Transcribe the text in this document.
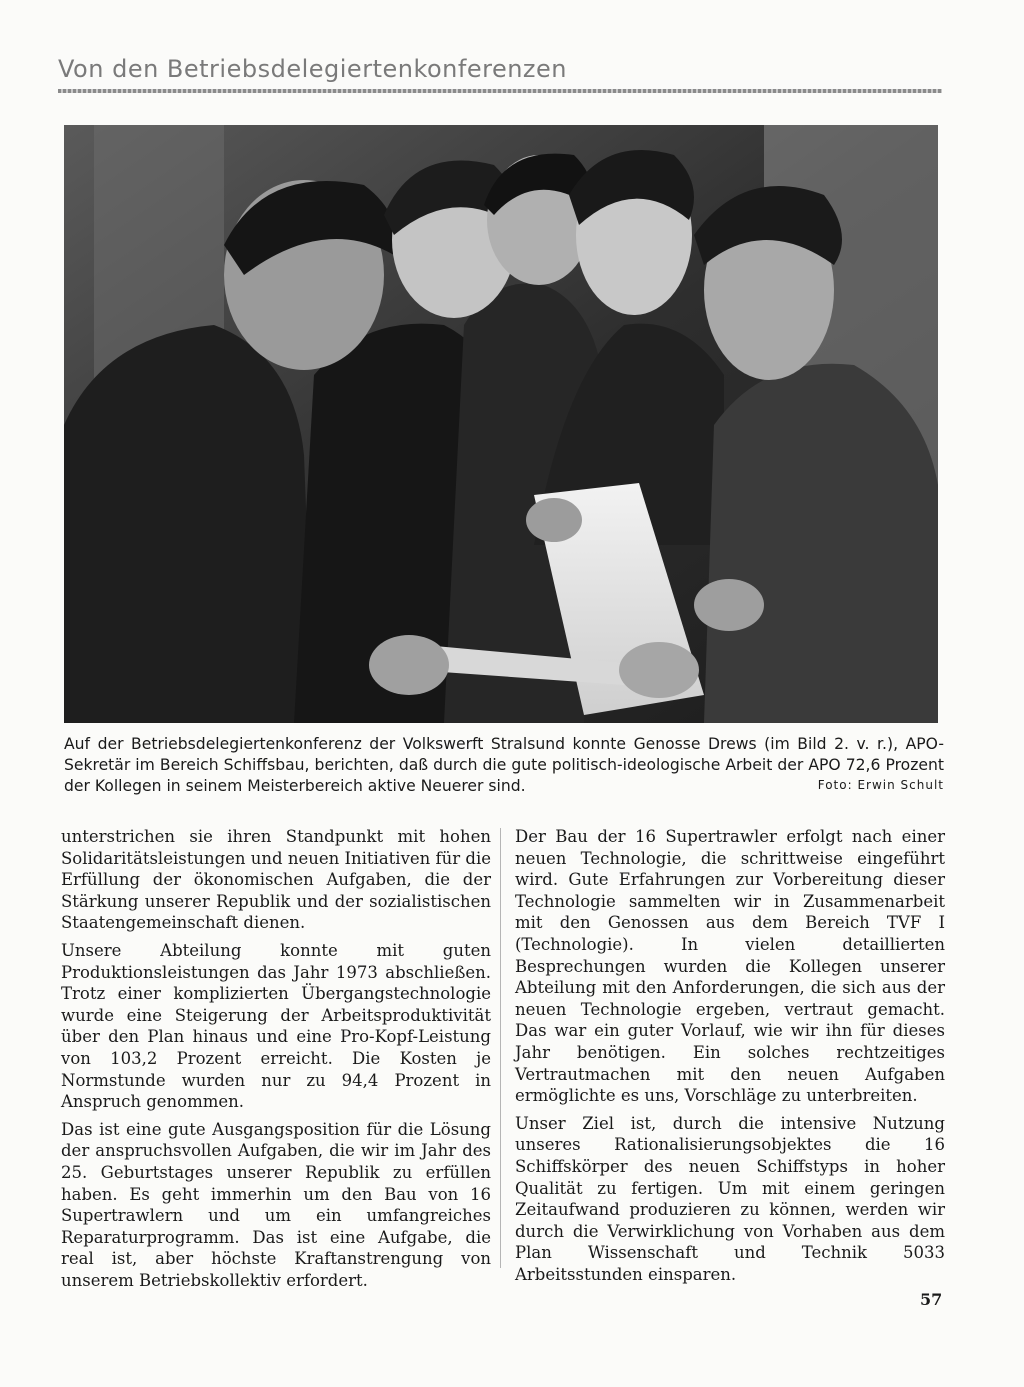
Von den Betriebsdelegiertenkonferenzen
Auf der Betriebsdelegiertenkonferenz der Volkswerft Stralsund konnte Genosse Drews (im Bild 2. v. r.), APO-Sekretär im Bereich Schiffsbau, berichten, daß durch die gute politisch-ideologische Arbeit der APO 72,6 Prozent der Kollegen in seinem Meisterbereich aktive Neuerer sind.	Foto: Erwin Schult

unterstrichen sie ihren Standpunkt mit hohen Solidaritätsleistungen und neuen Initiativen für die Erfüllung der ökonomischen Aufgaben, die der Stärkung unserer Republik und der sozialistischen Staatengemeinschaft dienen.

Unsere Abteilung konnte mit guten Produktionsleistungen das Jahr 1973 abschließen. Trotz einer komplizierten Übergangstechnologie wurde eine Steigerung der Arbeitsproduktivität über den Plan hinaus und eine Pro-Kopf-Leistung von 103,2 Prozent erreicht. Die Kosten je Normstunde wurden nur zu 94,4 Prozent in Anspruch genommen.

Das ist eine gute Ausgangsposition für die Lösung der anspruchsvollen Aufgaben, die wir im Jahr des 25. Geburtstages unserer Republik zu erfüllen haben. Es geht immerhin um den Bau von 16 Supertrawlern und um ein umfangreiches Reparaturprogramm. Das ist eine Aufgabe, die real ist, aber höchste Kraftanstrengung von unserem Betriebskollektiv erfordert.

Der Bau der 16 Supertrawler erfolgt nach einer neuen Technologie, die schrittweise eingeführt wird. Gute Erfahrungen zur Vorbereitung dieser Technologie sammelten wir in Zusammenarbeit mit den Genossen aus dem Bereich TVF I (Technologie). In vielen detaillierten Besprechungen wurden die Kollegen unserer Abteilung mit den Anforderungen, die sich aus der neuen Technologie ergeben, vertraut gemacht. Das war ein guter Vorlauf, wie wir ihn für dieses Jahr benötigen. Ein solches rechtzeitiges Vertrautmachen mit den neuen Aufgaben ermöglichte es uns, Vorschläge zu unterbreiten.

Unser Ziel ist, durch die intensive Nutzung unseres Rationalisierungsobjektes die 16 Schiffskörper des neuen Schiffstyps in hoher Qualität zu fertigen. Um mit einem geringen Zeitaufwand produzieren zu können, werden wir durch die Verwirklichung von Vorhaben aus dem Plan Wissenschaft und Technik 5033 Arbeitsstunden einsparen.

57
